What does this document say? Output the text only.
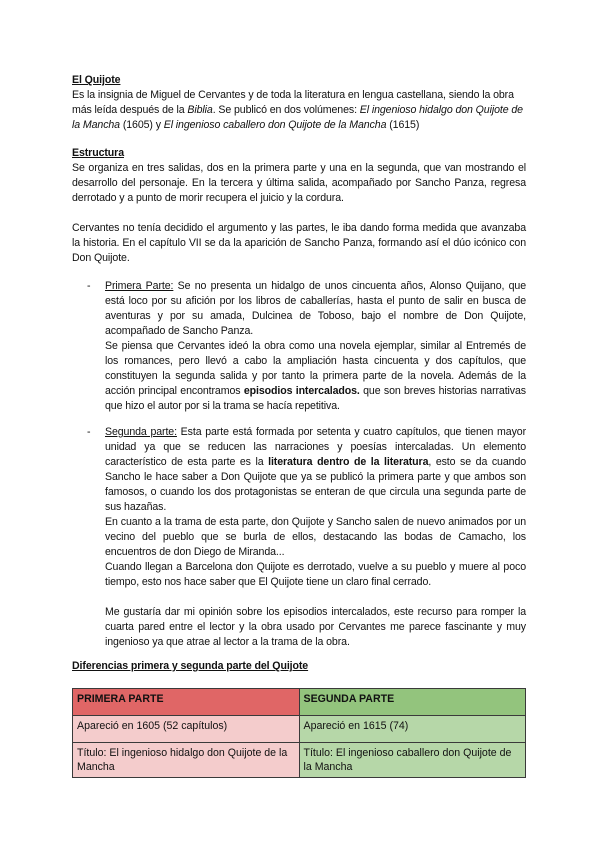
El Quijote

Es la insignia de Miguel de Cervantes y de toda la literatura en lengua castellana, siendo la obra más leída después de la Biblia. Se publicó en dos volúmenes: El ingenioso hidalgo don Quijote de la Mancha (1605) y El ingenioso caballero don Quijote de la Mancha (1615)

Estructura

Se organiza en tres salidas, dos en la primera parte y una en la segunda, que van mostrando el desarrollo del personaje. En la tercera y última salida, acompañado por Sancho Panza, regresa derrotado y a punto de morir recupera el juicio y la cordura.

Cervantes no tenía decidido el argumento y las partes, le iba dando forma medida que avanzaba la historia. En el capítulo VII se da la aparición de Sancho Panza, formando así el dúo icónico con Don Quijote.

- Primera Parte: Se no presenta un hidalgo de unos cincuenta años, Alonso Quijano, que está loco por su afición por los libros de caballerías, hasta el punto de salir en busca de aventuras y por su amada, Dulcinea de Toboso, bajo el nombre de Don Quijote, acompañado de Sancho Panza.

Se piensa que Cervantes ideó la obra como una novela ejemplar, similar al Entremés de los romances, pero llevó a cabo la ampliación hasta cincuenta y dos capítulos, que constituyen la segunda salida y por tanto la primera parte de la novela. Además de la acción principal encontramos episodios intercalados. que son breves historias narrativas que hizo el autor por si la trama se hacía repetitiva.

- Segunda parte: Esta parte está formada por setenta y cuatro capítulos, que tienen mayor unidad ya que se reducen las narraciones y poesías intercaladas. Un elemento característico de esta parte es la literatura dentro de la literatura, esto se da cuando Sancho le hace saber a Don Quijote que ya se publicó la primera parte y que ambos son famosos, o cuando los dos protagonistas se enteran de que circula una segunda parte de sus hazañas.

En cuanto a la trama de esta parte, don Quijote y Sancho salen de nuevo animados por un vecino del pueblo que se burla de ellos, destacando las bodas de Camacho, los encuentros de don Diego de Miranda...

Cuando llegan a Barcelona don Quijote es derrotado, vuelve a su pueblo y muere al poco tiempo, esto nos hace saber que El Quijote tiene un claro final cerrado.

Me gustaría dar mi opinión sobre los episodios intercalados, este recurso para romper la cuarta pared entre el lector y la obra usado por Cervantes me parece fascinante y muy ingenioso ya que atrae al lector a la trama de la obra.

Diferencias primera y segunda parte del Quijote
PRIMERA PARTE	SEGUNDA PARTE
Apareció en 1605 (52 capítulos)	Apareció en 1615 (74)
Título: El ingenioso hidalgo don Quijote de la Mancha	Título: El ingenioso caballero don Quijote de la Mancha
